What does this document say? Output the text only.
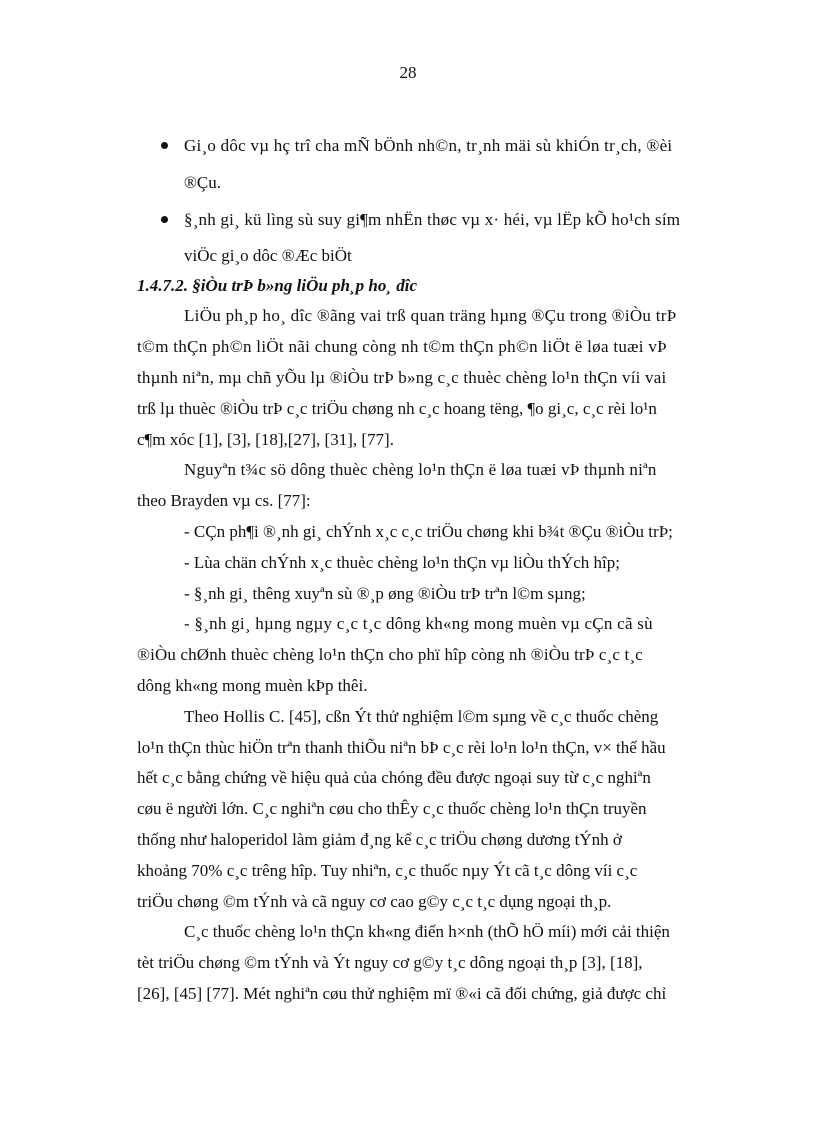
28
Gi¸o dôc vµ hç trî cha mÑ bÖnh nh©n, tr¸nh mäi sù khiÓn tr¸ch, ®èi
®Çu.
§¸nh gi¸ kü lìng sù suy gi¶m nhËn thøc vµ x· héi, vµ lËp kÕ ho¹ch sím
viÖc gi¸o dôc ®Æc biÖt
1.4.7.2. §iÒu trÞ b»ng liÖu ph¸p ho¸ dîc
LiÖu ph¸p ho¸ dîc ®ãng vai trß quan träng hµng ®Çu trong ®iÒu trÞ
t©m thÇn ph©n liÖt nãi chung còng nh t©m thÇn ph©n liÖt ë løa tuæi vÞ
thµnh niªn, mµ chñ yÕu lµ ®iÒu trÞ b»ng c¸c thuèc chèng lo¹n thÇn víi vai
trß lµ thuèc ®iÒu trÞ c¸c triÖu chøng nh c¸c hoang tëng, ¶o gi¸c, c¸c rèi lo¹n
c¶m xóc [1], [3], [18],[27], [31], [77].
Nguyªn t¾c sö dông thuèc chèng lo¹n thÇn ë løa tuæi vÞ thµnh niªn
theo Brayden vµ cs. [77]:
- CÇn ph¶i ®¸nh gi¸ chÝnh x¸c c¸c triÖu chøng khi b¾t ®Çu ®iÒu trÞ;
- Lùa chän chÝnh x¸c thuèc chèng lo¹n thÇn vµ liÒu thÝch hîp;
- §¸nh gi¸ thêng xuyªn sù ®¸p øng ®iÒu trÞ trªn l©m sµng;
- §¸nh gi¸ hµng ngµy c¸c t¸c dông kh«ng mong muèn vµ cÇn cã sù
®iÒu chØnh thuèc chèng lo¹n thÇn cho phï hîp còng nh ®iÒu trÞ c¸c t¸c
dông kh«ng mong muèn kÞp thêi.
Theo Hollis C. [45], cßn Ýt thử nghiệm l©m sµng về c¸c thuốc chèng
lo¹n thÇn thùc hiÖn trªn thanh thiÕu niªn bÞ c¸c rèi lo¹n lo¹n thÇn, v× thế hầu
hết c¸c bằng chứng về hiệu quả của chóng đều được ngoại suy từ c¸c nghiªn
cøu ë người lớn. C¸c nghiªn cøu cho thÊy c¸c thuốc chèng lo¹n thÇn truyền
thống như haloperidol làm giảm đ¸ng kể c¸c triÖu chøng dương tÝnh ở
khoảng 70% c¸c trêng hîp. Tuy nhiªn, c¸c thuốc nµy Ýt cã t¸c dông víi c¸c
triÖu chøng ©m tÝnh và cã nguy cơ cao g©y c¸c t¸c dụng ngoại th¸p.
C¸c thuốc chèng lo¹n thÇn kh«ng điển h×nh (thÕ hÖ míi) mới cải thiện
tèt triÖu chøng ©m tÝnh và Ýt nguy cơ g©y t¸c dông ngoại th¸p [3], [18],
[26], [45] [77]. Mét nghiªn cøu thử nghiệm mï ®«i cã đối chứng, giả được chỉ
